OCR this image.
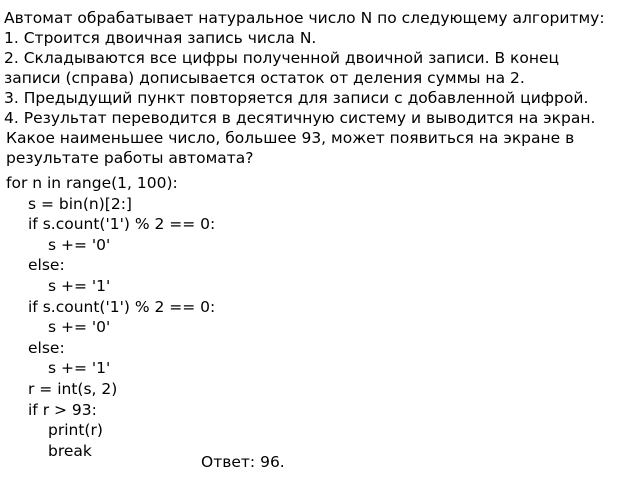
Автомат обрабатывает натуральное число N по следующему алгоритму:

1. Строится двоичная запись числа N.

2. Складываются все цифры полученной двоичной записи. В конец

записи (справа) дописывается остаток от деления суммы на 2.

3. Предыдущий пункт повторяется для записи с добавленной цифрой.

4. Результат переводится в десятичную систему и выводится на экран.

Какое наименьшее число, большее 93, может появиться на экране в

результате работы автомата?

for n in range(1, 100):
s = bin(n)[2:]
if s.count('1') % 2 == 0:
s += '0'
else:
s += '1'
if s.count('1') % 2 == 0:
s += '0'
else:
s += '1'
r = int(s, 2)
if r > 93:
print(r)
break
Ответ: 96.
